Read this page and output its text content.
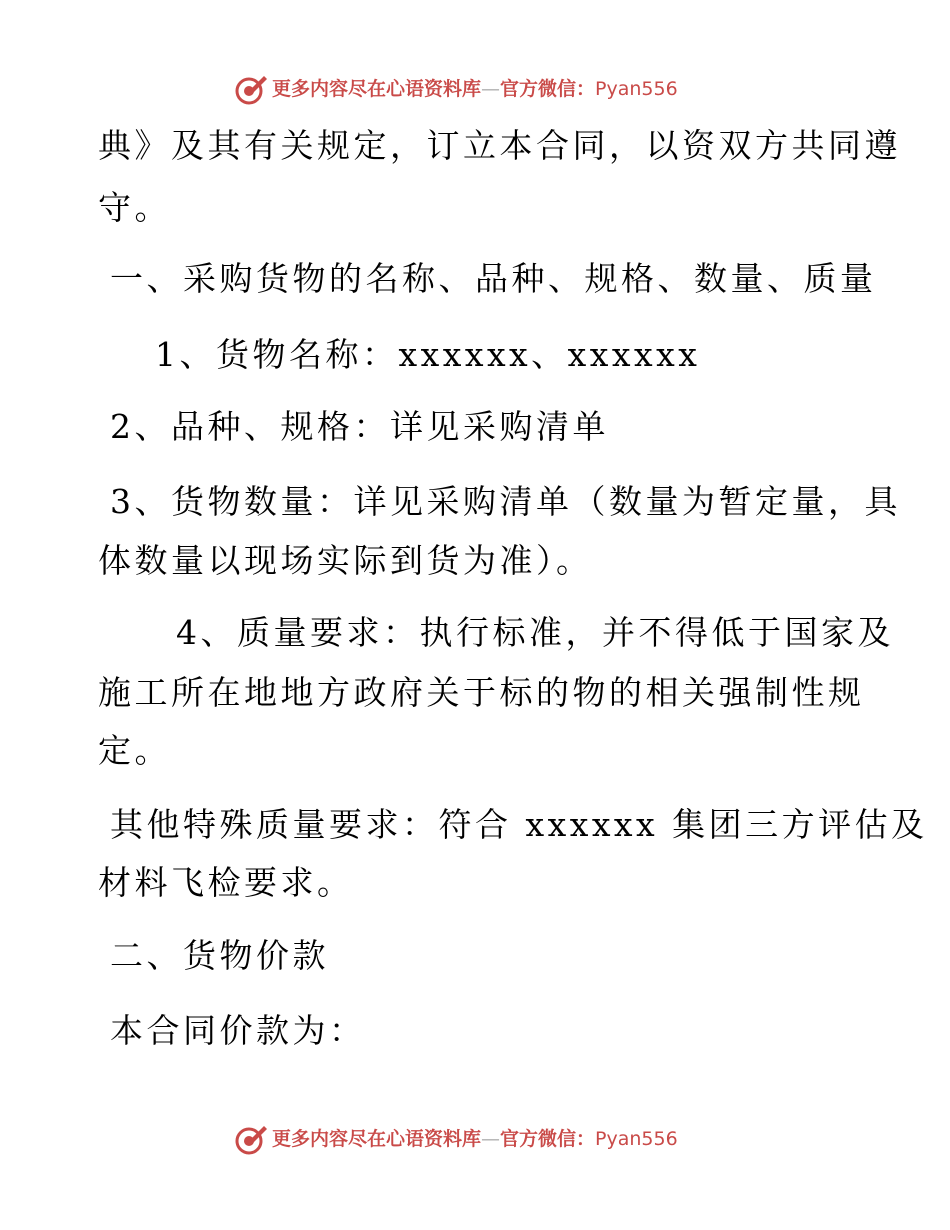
更多内容尽在心语资料库—官方微信：Pyan556
典》及其有关规定，订立本合同，以资双方共同遵
守。
一、采购货物的名称、品种、规格、数量、质量
1、货物名称：xxxxxx、xxxxxx
2、品种、规格：详见采购清单
3、货物数量：详见采购清单（数量为暂定量，具
体数量以现场实际到货为准）。
4、质量要求：执行标准，并不得低于国家及
施工所在地地方政府关于标的物的相关强制性规
定。
其他特殊质量要求：符合 xxxxxx 集团三方评估及
材料飞检要求。
二、货物价款
本合同价款为：
更多内容尽在心语资料库—官方微信：Pyan556
